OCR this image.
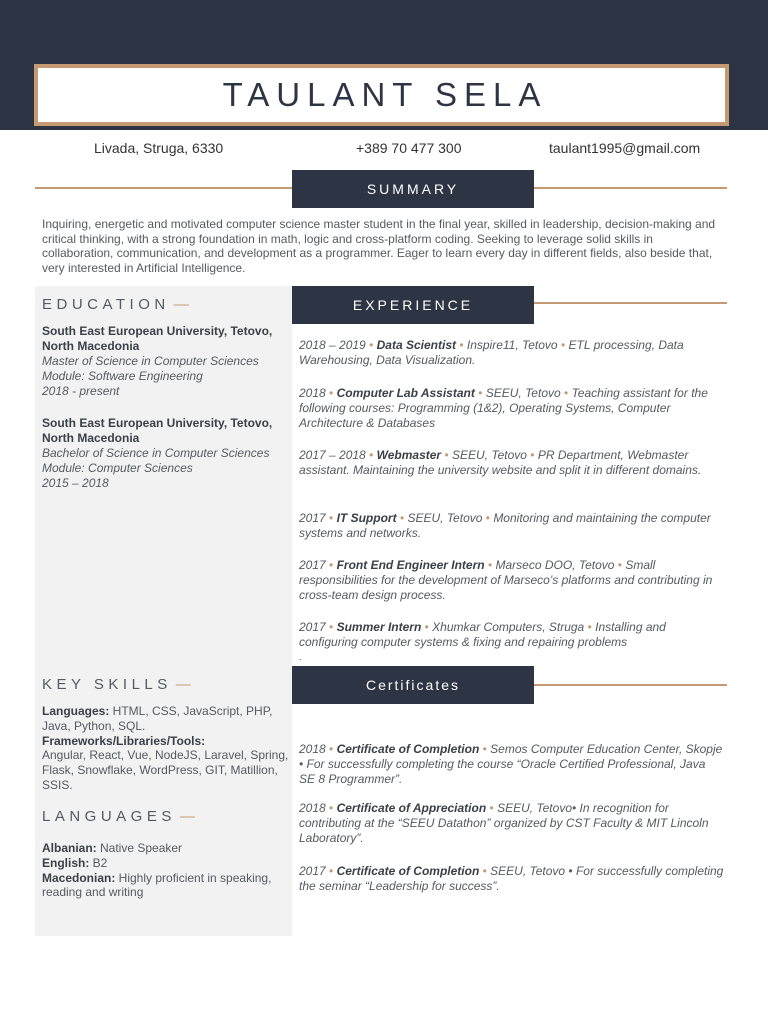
TAULANT SELA
Livada, Struga, 6330	+389 70 477 300	taulant1995@gmail.com
SUMMARY

Inquiring, energetic and motivated computer science master student in the final year, skilled in leadership, decision-making and critical thinking, with a strong foundation in math, logic and cross-platform coding. Seeking to leverage solid skills in collaboration, communication, and development as a programmer. Eager to learn every day in different fields, also beside that, very interested in Artificial Intelligence.

EDUCATION —
South East European University, Tetovo, North Macedonia
Master of Science in Computer Sciences
Module: Software Engineering
2018 - present
South East European University, Tetovo, North Macedonia
Bachelor of Science in Computer Sciences
Module: Computer Sciences
2015 – 2018
EXPERIENCE
2018 – 2019 • Data Scientist • Inspire11, Tetovo • ETL processing, Data Warehousing, Data Visualization.
2018 • Computer Lab Assistant • SEEU, Tetovo • Teaching assistant for the following courses: Programming (1&2), Operating Systems, Computer Architecture & Databases
2017 – 2018 • Webmaster • SEEU, Tetovo • PR Department, Webmaster assistant. Maintaining the university website and split it in different domains.
2017 • IT Support • SEEU, Tetovo • Monitoring and maintaining the computer systems and networks.
2017 • Front End Engineer Intern • Marseco DOO, Tetovo • Small responsibilities for the development of Marseco’s platforms and contributing in cross-team design process.
2017 • Summer Intern • Xhumkar Computers, Struga • Installing and configuring computer systems & fixing and repairing problems
.
KEY SKILLS —
Languages: HTML, CSS, JavaScript, PHP, Java, Python, SQL.
Frameworks/Libraries/Tools:
Angular, React, Vue, NodeJS, Laravel, Spring, Flask, Snowflake, WordPress, GIT, Matillion, SSIS.
LANGUAGES —
Albanian: Native Speaker
English: B2
Macedonian: Highly proficient in speaking, reading and writing
Certificates
2018 • Certificate of Completion • Semos Computer Education Center, Skopje • For successfully completing the course “Oracle Certified Professional, Java SE 8 Programmer”.
2018 • Certificate of Appreciation • SEEU, Tetovo• In recognition for contributing at the “SEEU Datathon” organized by CST Faculty & MIT Lincoln Laboratory”.
2017 • Certificate of Completion • SEEU, Tetovo • For successfully completing the seminar “Leadership for success”.
